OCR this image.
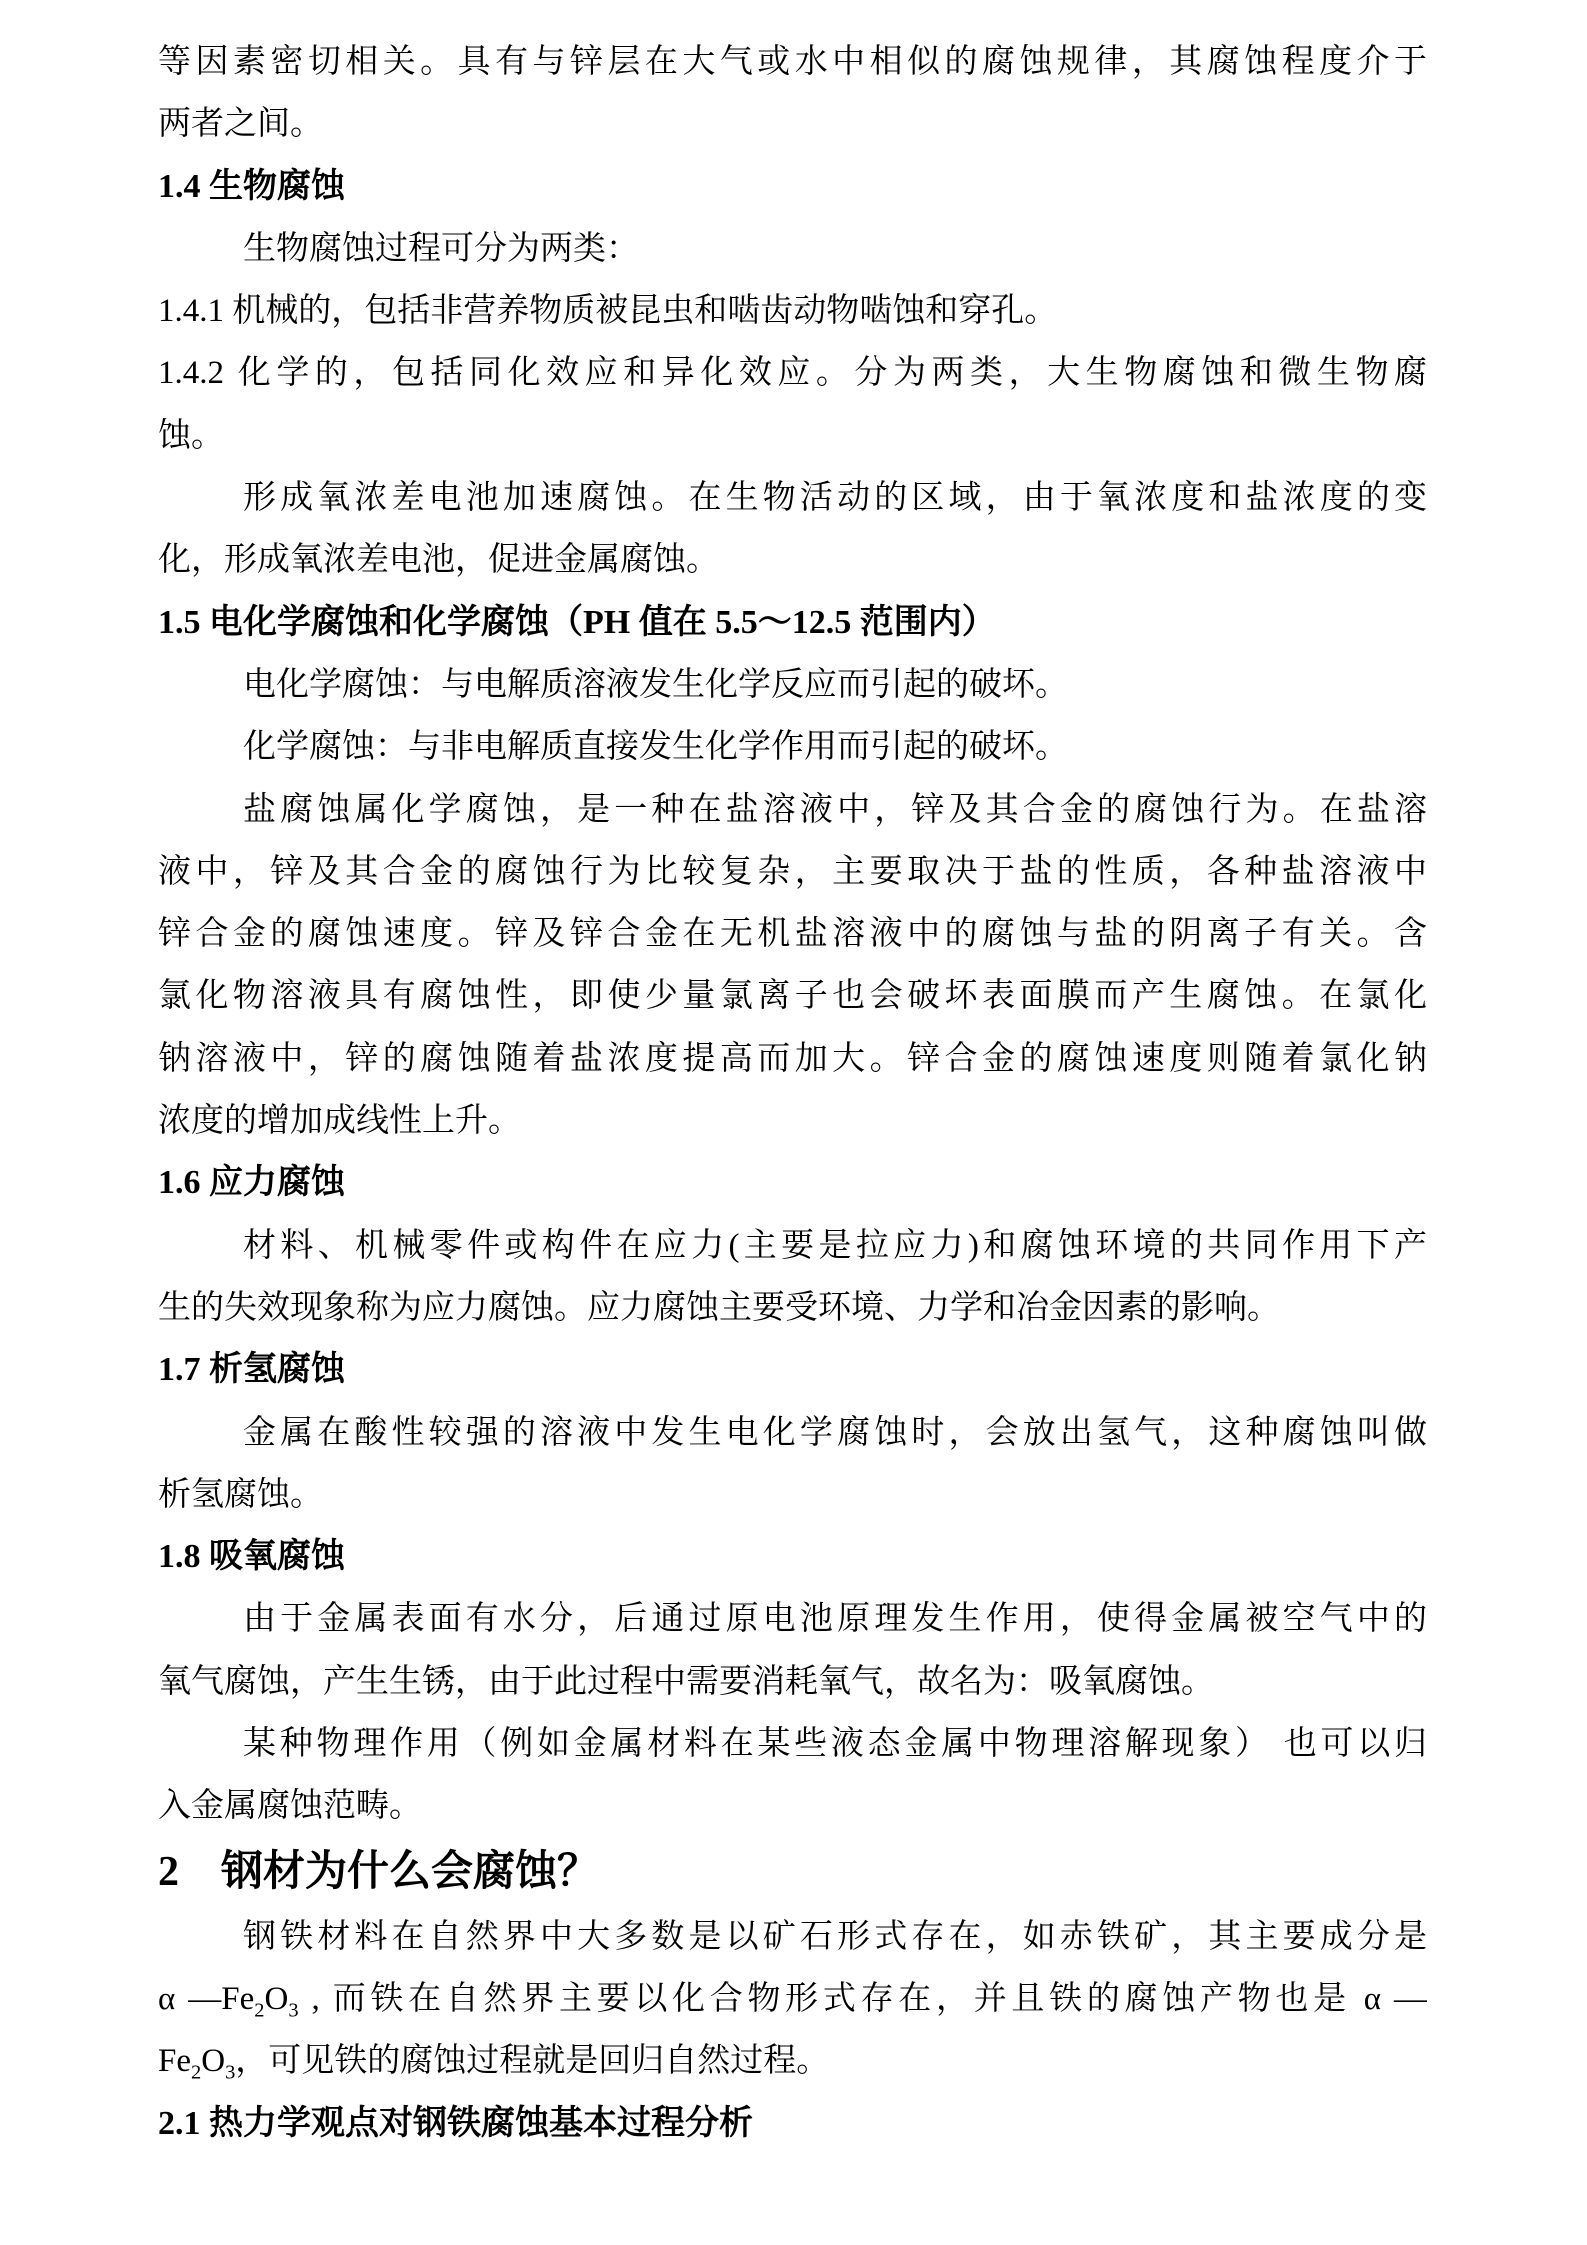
等因素密切相关。具有与锌层在大气或水中相似的腐蚀规律，其腐蚀程度介于
两者之间。
1.4 生物腐蚀
生物腐蚀过程可分为两类：
1.4.1 机械的，包括非营养物质被昆虫和啮齿动物啮蚀和穿孔。
1.4.2 化学的，包括同化效应和异化效应。分为两类，大生物腐蚀和微生物腐
蚀。
形成氧浓差电池加速腐蚀。在生物活动的区域，由于氧浓度和盐浓度的变
化，形成氧浓差电池，促进金属腐蚀。
1.5 电化学腐蚀和化学腐蚀（PH 值在 5.5～12.5 范围内）
电化学腐蚀：与电解质溶液发生化学反应而引起的破坏。
化学腐蚀：与非电解质直接发生化学作用而引起的破坏。
盐腐蚀属化学腐蚀，是一种在盐溶液中，锌及其合金的腐蚀行为。在盐溶
液中，锌及其合金的腐蚀行为比较复杂，主要取决于盐的性质，各种盐溶液中
锌合金的腐蚀速度。锌及锌合金在无机盐溶液中的腐蚀与盐的阴离子有关。含
氯化物溶液具有腐蚀性，即使少量氯离子也会破坏表面膜而产生腐蚀。在氯化
钠溶液中，锌的腐蚀随着盐浓度提高而加大。锌合金的腐蚀速度则随着氯化钠
浓度的增加成线性上升。
1.6 应力腐蚀
材料、机械零件或构件在应力(主要是拉应力)和腐蚀环境的共同作用下产
生的失效现象称为应力腐蚀。应力腐蚀主要受环境、力学和冶金因素的影响。
1.7 析氢腐蚀
金属在酸性较强的溶液中发生电化学腐蚀时，会放出氢气，这种腐蚀叫做
析氢腐蚀。
1.8 吸氧腐蚀
由于金属表面有水分，后通过原电池原理发生作用，使得金属被空气中的
氧气腐蚀，产生生锈，由于此过程中需要消耗氧气，故名为：吸氧腐蚀。
某种物理作用（例如金属材料在某些液态金属中物理溶解现象） 也可以归
入金属腐蚀范畴。
2　钢材为什么会腐蚀？
钢铁材料在自然界中大多数是以矿石形式存在，如赤铁矿，其主要成分是
α $—Fe_2O_3$ , 而铁在自然界主要以化合物形式存在，并且铁的腐蚀产物也是 α —
$Fe_2O_3$，可见铁的腐蚀过程就是回归自然过程。
2.1 热力学观点对钢铁腐蚀基本过程分析
